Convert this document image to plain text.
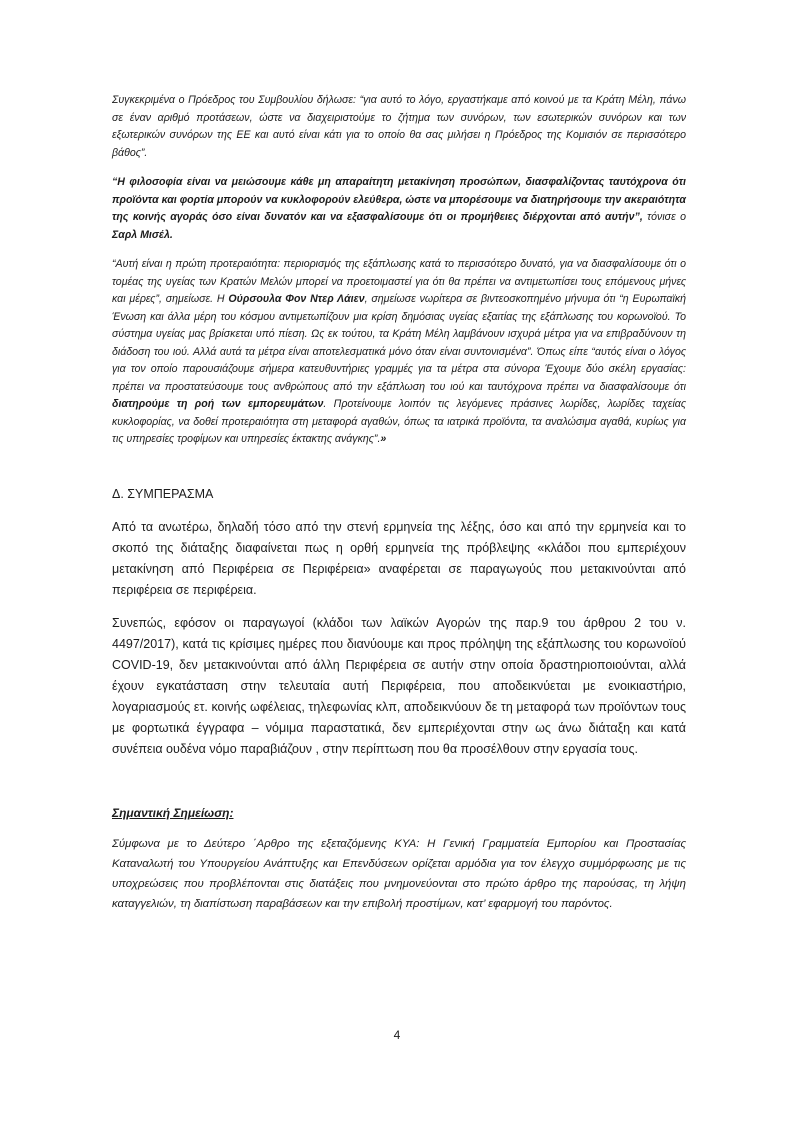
Συγκεκριμένα ο Πρόεδρος του Συμβουλίου δήλωσε: “για αυτό το λόγο, εργαστήκαμε από κοινού με τα Κράτη Μέλη, πάνω σε έναν αριθμό προτάσεων, ώστε να διαχειριστούμε το ζήτημα των συνόρων, των εσωτερικών συνόρων και των εξωτερικών συνόρων της ΕΕ και αυτό είναι κάτι για το οποίο θα σας μιλήσει η Πρόεδρος της Κομισιόν σε περισσότερο βάθος”.

“Η φιλοσοφία είναι να μειώσουμε κάθε μη απαραίτητη μετακίνηση προσώπων, διασφαλίζοντας ταυτόχρονα ότι προϊόντα και φορτία μπορούν να κυκλοφορούν ελεύθερα, ώστε να μπορέσουμε να διατηρήσουμε την ακεραιότητα της κοινής αγοράς όσο είναι δυνατόν και να εξασφαλίσουμε ότι οι προμήθειες διέρχονται από αυτήν”, τόνισε ο Σαρλ Μισέλ.

“Αυτή είναι η πρώτη προτεραιότητα: περιορισμός της εξάπλωσης κατά το περισσότερο δυνατό, για να διασφαλίσουμε ότι ο τομέας της υγείας των Κρατών Μελών μπορεί να προετοιμαστεί για ότι θα πρέπει να αντιμετωπίσει τους επόμενους μήνες και μέρες”, σημείωσε. Η Ούρσουλα Φον Ντερ Λάιεν, σημείωσε νωρίτερα σε βιντεοσκοπημένο μήνυμα ότι “η Ευρωπαϊκή Ένωση και άλλα μέρη του κόσμου αντιμετωπίζουν μια κρίση δημόσιας υγείας εξαιτίας της εξάπλωσης του κορωνοϊού. Το σύστημα υγείας μας βρίσκεται υπό πίεση. Ως εκ τούτου, τα Κράτη Μέλη λαμβάνουν ισχυρά μέτρα για να επιβραδύνουν τη διάδοση του ιού. Αλλά αυτά τα μέτρα είναι αποτελεσματικά μόνο όταν είναι συντονισμένα”. Όπως είπε “αυτός είναι ο λόγος για τον οποίο παρουσιάζουμε σήμερα κατευθυντήριες γραμμές για τα μέτρα στα σύνορα Έχουμε δύο σκέλη εργασίας: πρέπει να προστατεύσουμε τους ανθρώπους από την εξάπλωση του ιού και ταυτόχρονα πρέπει να διασφαλίσουμε ότι διατηρούμε τη ροή των εμπορευμάτων. Προτείνουμε λοιπόν τις λεγόμενες πράσινες λωρίδες, λωρίδες ταχείας κυκλοφορίας, να δοθεί προτεραιότητα στη μεταφορά αγαθών, όπως τα ιατρικά προϊόντα, τα αναλώσιμα αγαθά, κυρίως για τις υπηρεσίες τροφίμων και υπηρεσίες έκτακτης ανάγκης”.»

Δ. ΣΥΜΠΕΡΑΣΜΑ

Από τα ανωτέρω, δηλαδή τόσο από την στενή ερμηνεία της λέξης, όσο και από την ερμηνεία και το σκοπό της διάταξης διαφαίνεται πως η ορθή ερμηνεία της πρόβλεψης «κλάδοι που εμπεριέχουν μετακίνηση από Περιφέρεια σε Περιφέρεια» αναφέρεται σε παραγωγούς που μετακινούνται από περιφέρεια σε περιφέρεια.

Συνεπώς, εφόσον οι παραγωγοί (κλάδοι των λαϊκών Αγορών της παρ.9 του άρθρου 2 του ν. 4497/2017), κατά τις κρίσιμες ημέρες που διανύουμε και προς πρόληψη της εξάπλωσης του κορωνοϊού COVID-19, δεν μετακινούνται από άλλη Περιφέρεια σε αυτήν στην οποία δραστηριοποιούνται, αλλά έχουν εγκατάσταση στην τελευταία αυτή Περιφέρεια, που αποδεικνύεται με ενοικιαστήριο, λογαριασμούς ετ. κοινής ωφέλειας, τηλεφωνίας κλπ, αποδεικνύουν δε τη μεταφορά των προϊόντων τους με φορτωτικά έγγραφα – νόμιμα παραστατικά, δεν εμπεριέχονται στην ως άνω διάταξη και κατά συνέπεια ουδένα νόμο παραβιάζουν , στην περίπτωση που θα προσέλθουν στην εργασία τους.

Σημαντική Σημείωση:

Σύμφωνα με το Δεύτερο ΄Αρθρο της εξεταζόμενης ΚΥΑ: Η Γενική Γραμματεία Εμπορίου και Προστασίας Καταναλωτή του Υπουργείου Ανάπτυξης και Επενδύσεων ορίζεται αρμόδια για τον έλεγχο συμμόρφωσης με τις υποχρεώσεις που προβλέπονται στις διατάξεις που μνημονεύονται στο πρώτο άρθρο της παρούσας, τη λήψη καταγγελιών, τη διαπίστωση παραβάσεων και την επιβολή προστίμων, κατ’ εφαρμογή του παρόντος.

4
